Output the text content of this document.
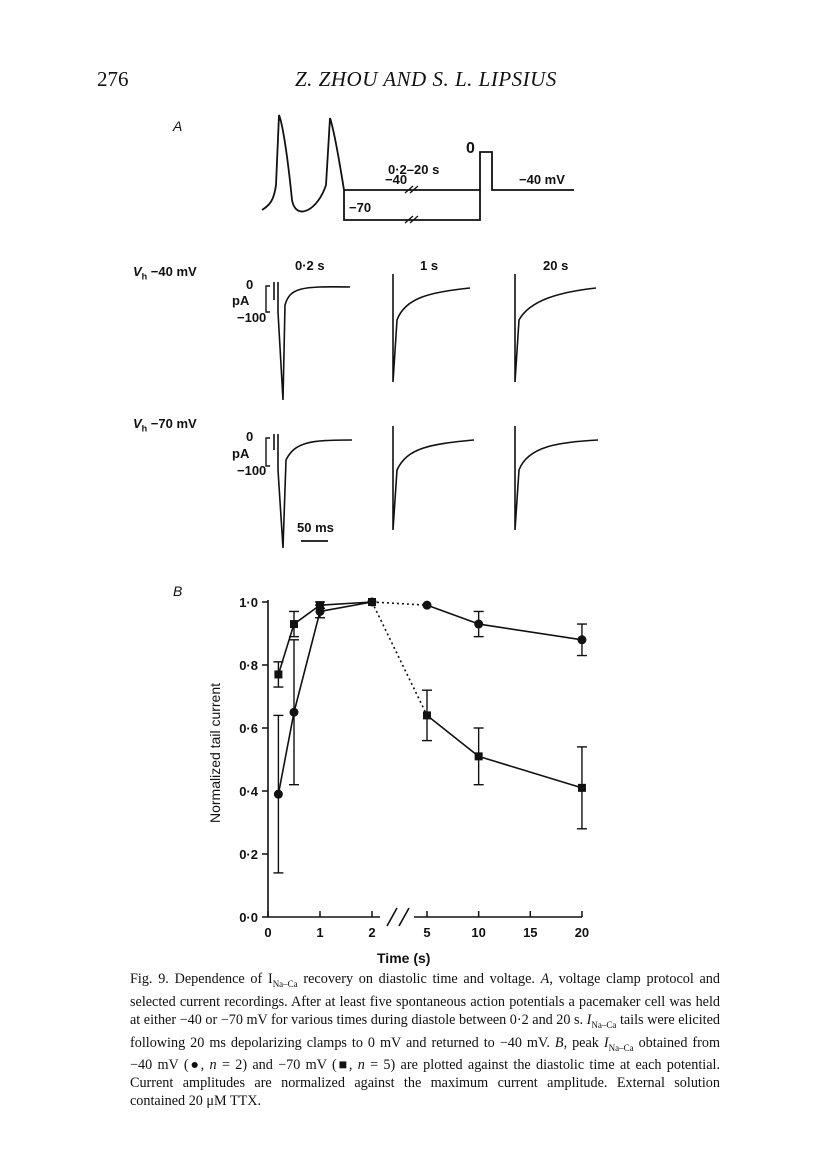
276	Z. ZHOU AND S. L. LIPSIUS
A
−40
0·2–20 s
0
−70
−40 mV
$V_h -40$ mV
$V_h -70$ mV
0·2 s	1 s	20 s
0
pA
−100
0
pA
−100
50 ms
B
Time (s)
Normalized tail current
0·0
0·2
0·4
0·6
0·8
1·0
0	1	2	5	10	15	20
Fig. 9. Dependence of $I_{Na-Ca}$ recovery on diastolic time and voltage. A, voltage clamp protocol and selected current recordings. After at least five spontaneous action potentials a pacemaker cell was held at either −40 or −70 mV for various times during diastole between 0·2 and 20 s. $I_{Na-Ca}$ tails were elicited following 20 ms depolarizing clamps to 0 mV and returned to −40 mV. B, peak $I_{Na-Ca}$ obtained from −40 mV (●, n = 2) and −70 mV (■, n = 5) are plotted against the diastolic time at each potential. Current amplitudes are normalized against the maximum current amplitude. External solution contained 20 μM TTX.
